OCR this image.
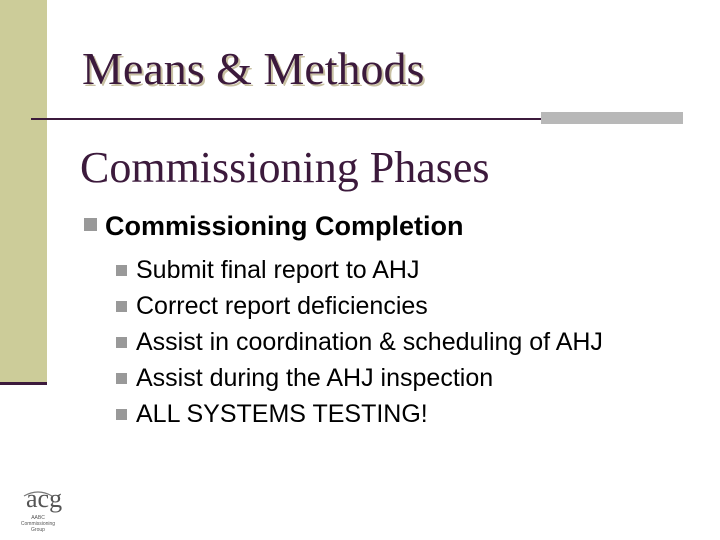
Means & Methods
Commissioning Phases
Commissioning Completion
Submit final report to AHJ
Correct report deficiencies
Assist in coordination & scheduling of AHJ
Assist during the AHJ inspection
ALL SYSTEMS TESTING!
acg
AABC
Commissioning
Group
